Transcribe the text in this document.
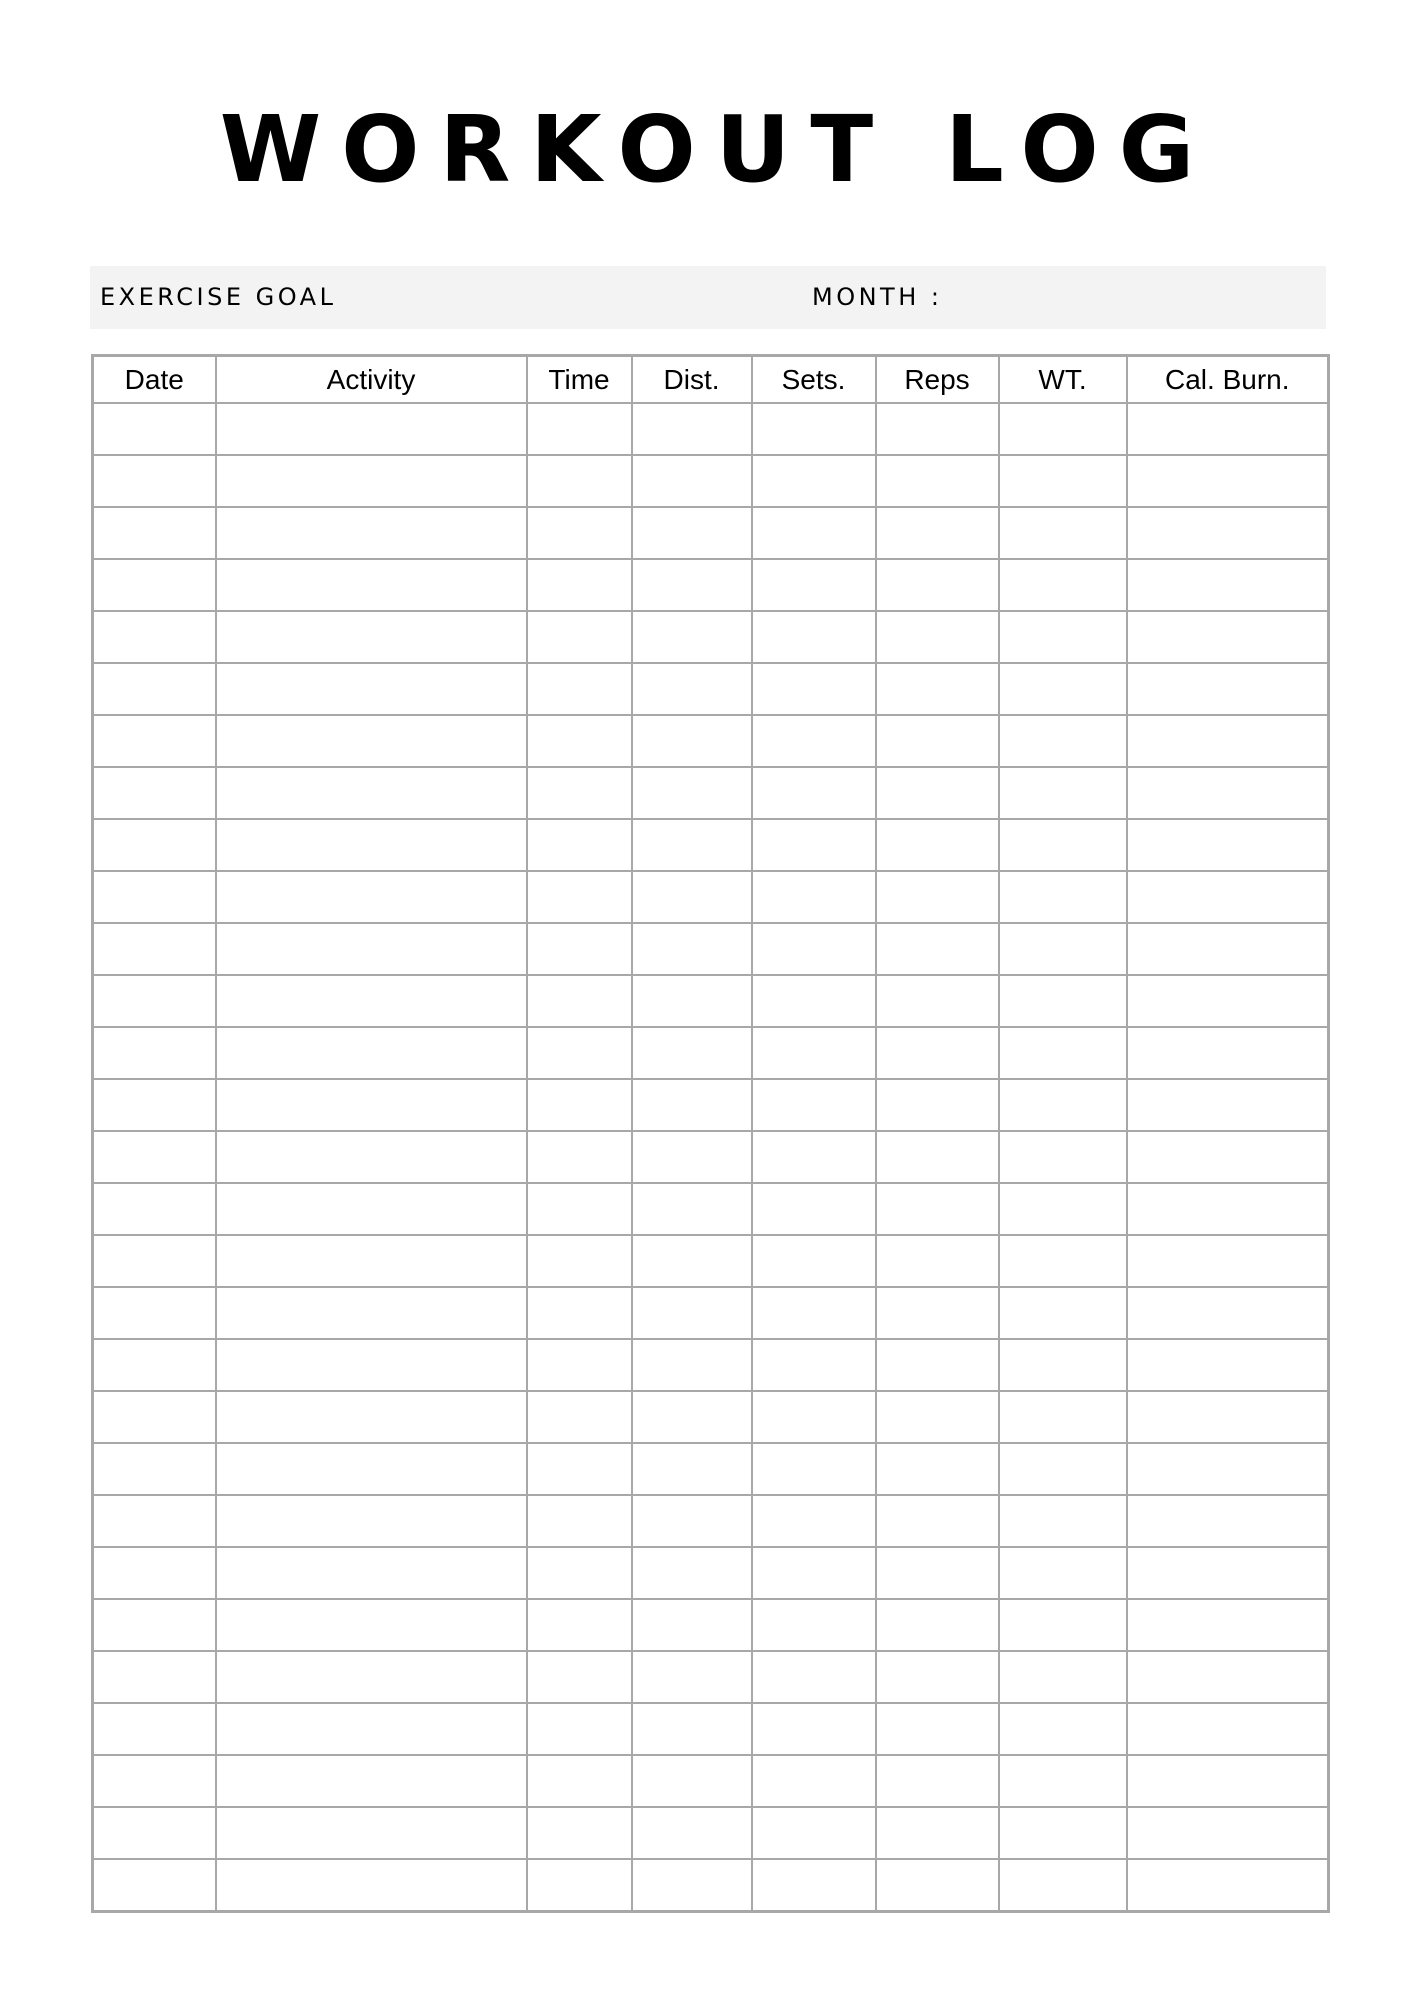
WORKOUT LOG
EXERCISE GOAL	MONTH :
Date	Activity	Time	Dist.	Sets.	Reps	WT.	Cal. Burn.
